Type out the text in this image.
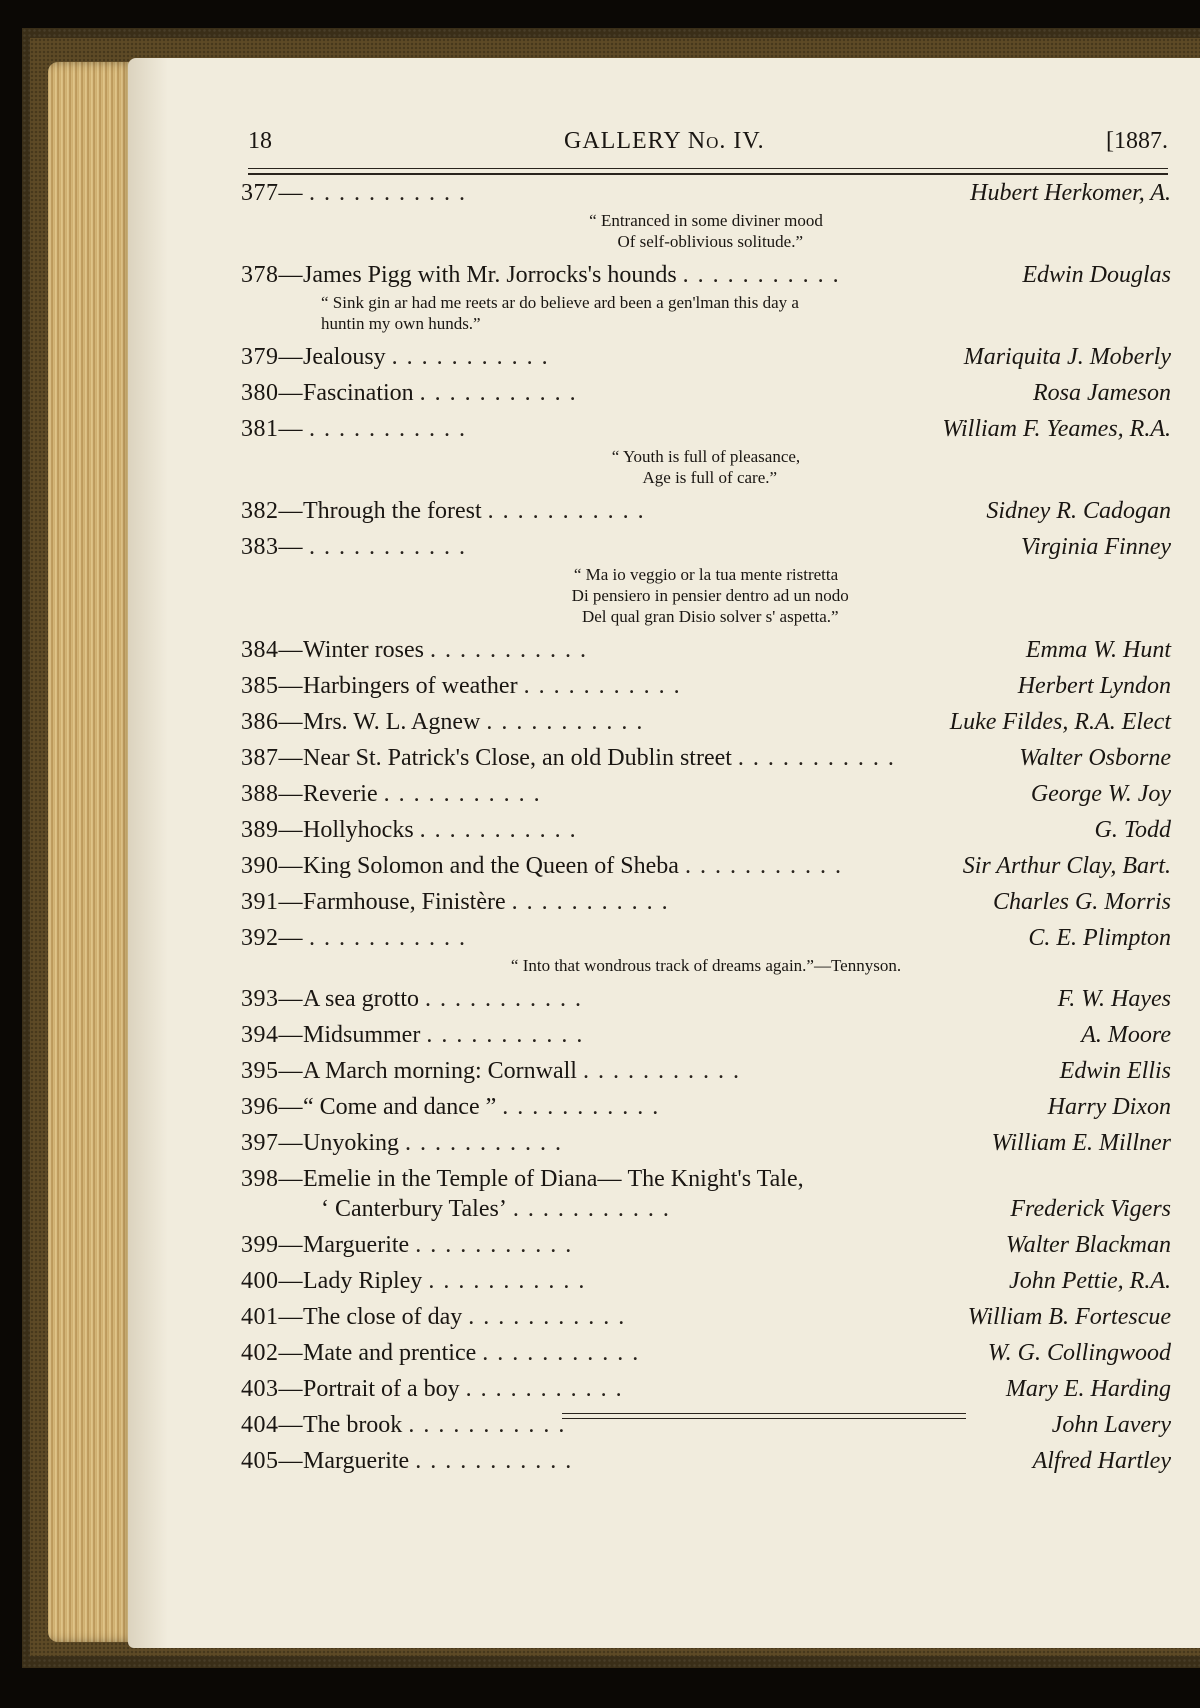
18	GALLERY No. IV.	[1887.
377— ...........	Hubert Herkomer, A.
“ Entranced in some diviner mood
Of self-oblivious solitude.”
378— James Pigg with Mr. Jorrocks's hounds ...........	Edwin Douglas
“ Sink gin ar had me reets ar do believe ard been a gen'lman this day a
huntin my own hunds.”
379— Jealousy ...........	Mariquita J. Moberly
380— Fascination ...........	Rosa Jameson
381— ...........	William F. Yeames, R.A.
“ Youth is full of pleasance,
Age is full of care.”
382— Through the forest ...........	Sidney R. Cadogan
383— ...........	Virginia Finney
“ Ma io veggio or la tua mente ristretta
Di pensiero in pensier dentro ad un nodo
Del qual gran Disio solver s' aspetta.”
384— Winter roses ...........	Emma W. Hunt
385— Harbingers of weather ...........	Herbert Lyndon
386— Mrs. W. L. Agnew ...........	Luke Fildes, R.A. Elect
387— Near St. Patrick's Close, an old Dublin street ...........	Walter Osborne
388— Reverie ...........	George W. Joy
389— Hollyhocks ...........	G. Todd
390— King Solomon and the Queen of Sheba ...........	Sir Arthur Clay, Bart.
391— Farmhouse, Finistère ...........	Charles G. Morris
392— ...........	C. E. Plimpton
“ Into that wondrous track of dreams again.”—Tennyson.
393— A sea grotto ...........	F. W. Hayes
394— Midsummer ...........	A. Moore
395— A March morning: Cornwall ...........	Edwin Ellis
396— “ Come and dance ” ...........	Harry Dixon
397— Unyoking ...........	William E. Millner
398— Emelie in the Temple of Diana— The Knight's Tale,
‘ Canterbury Tales’ ...........	Frederick Vigers
399— Marguerite ...........	Walter Blackman
400— Lady Ripley ...........	John Pettie, R.A.
401— The close of day ...........	William B. Fortescue
402— Mate and prentice ...........	W. G. Collingwood
403— Portrait of a boy ...........	Mary E. Harding
404— The brook ...........	John Lavery
405— Marguerite ...........	Alfred Hartley
